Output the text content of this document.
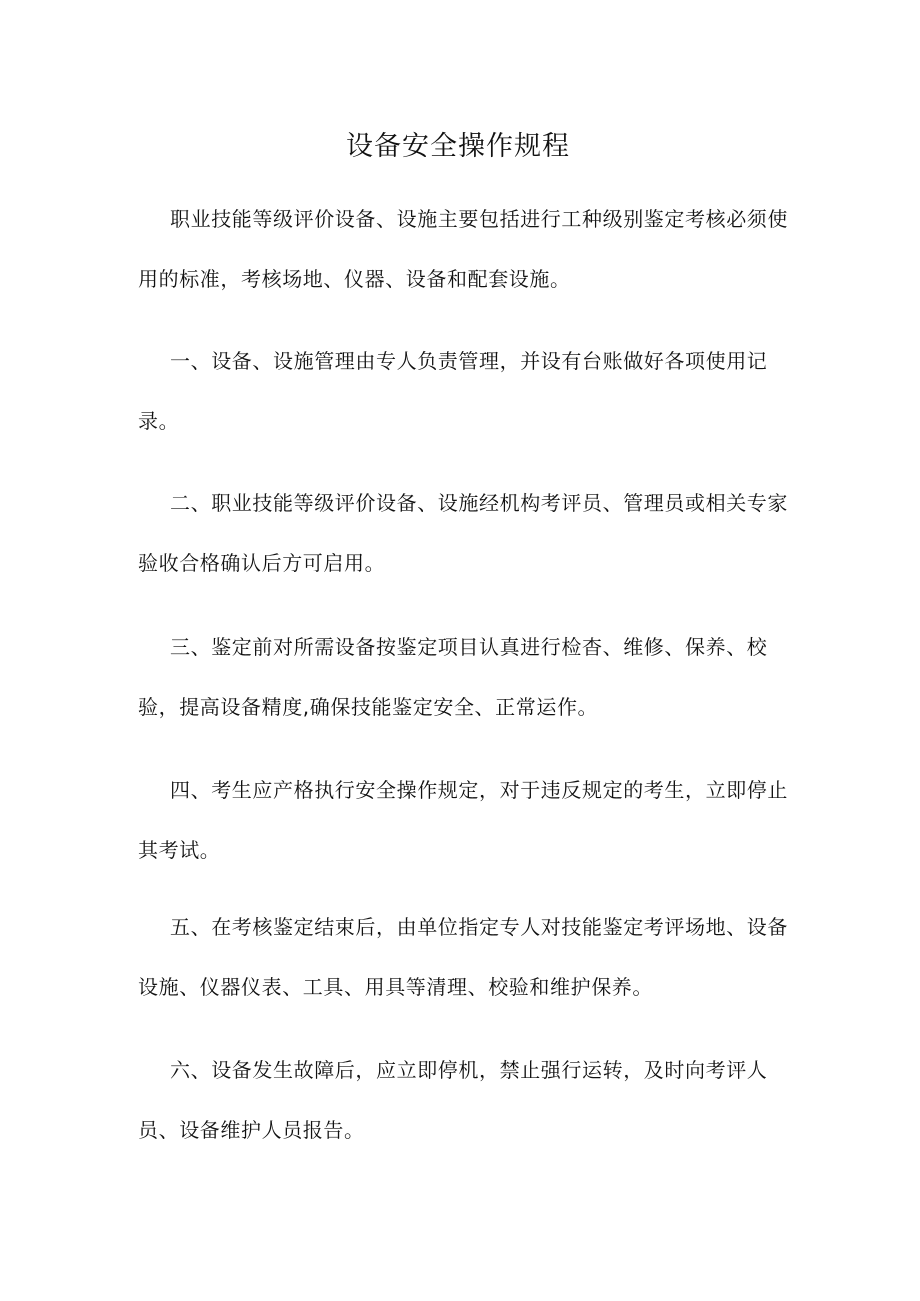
设备安全操作规程

职业技能等级评价设备、设施主要包括进行工种级别鉴定考核必须使用的标准，考核场地、仪器、设备和配套设施。

一、设备、设施管理由专人负责管理，并设有台账做好各项使用记录。

二、职业技能等级评价设备、设施经机构考评员、管理员或相关专家验收合格确认后方可启用。

三、鉴定前对所需设备按鉴定项目认真进行检杳、维修、保养、校验，提高设备精度,确保技能鉴定安全、正常运作。

四、考生应产格执行安全操作规定，对于违反规定的考生，立即停止其考试。

五、在考核鉴定结束后，由单位指定专人对技能鉴定考评场地、设备设施、仪器仪表、工具、用具等清理、校验和维护保养。

六、设备发生故障后，应立即停机，禁止强行运转，及时向考评人员、设备维护人员报告。
